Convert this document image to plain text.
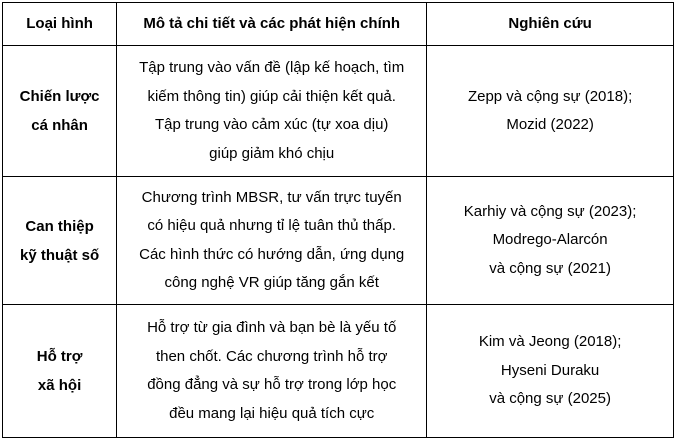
Loại hình	Mô tả chi tiết và các phát hiện chính	Nghiên cứu

Chiến lược
cá nhân	Tập trung vào vấn đề (lập kế hoạch, tìm
kiếm thông tin) giúp cải thiện kết quả.
Tập trung vào cảm xúc (tự xoa dịu)
giúp giảm khó chịu	Zepp và cộng sự (2018);
Mozid (2022)

Can thiệp
kỹ thuật số	Chương trình MBSR, tư vấn trực tuyến
có hiệu quả nhưng tỉ lệ tuân thủ thấp.
Các hình thức có hướng dẫn, ứng dụng
công nghệ VR giúp tăng gắn kết	Karhiy và cộng sự (2023);
Modrego-Alarcón
và cộng sự (2021)

Hỗ trợ
xã hội	Hỗ trợ từ gia đình và bạn bè là yếu tố
then chốt. Các chương trình hỗ trợ
đồng đẳng và sự hỗ trợ trong lớp học
đều mang lại hiệu quả tích cực	Kim và Jeong (2018);
Hyseni Duraku
và cộng sự (2025)
